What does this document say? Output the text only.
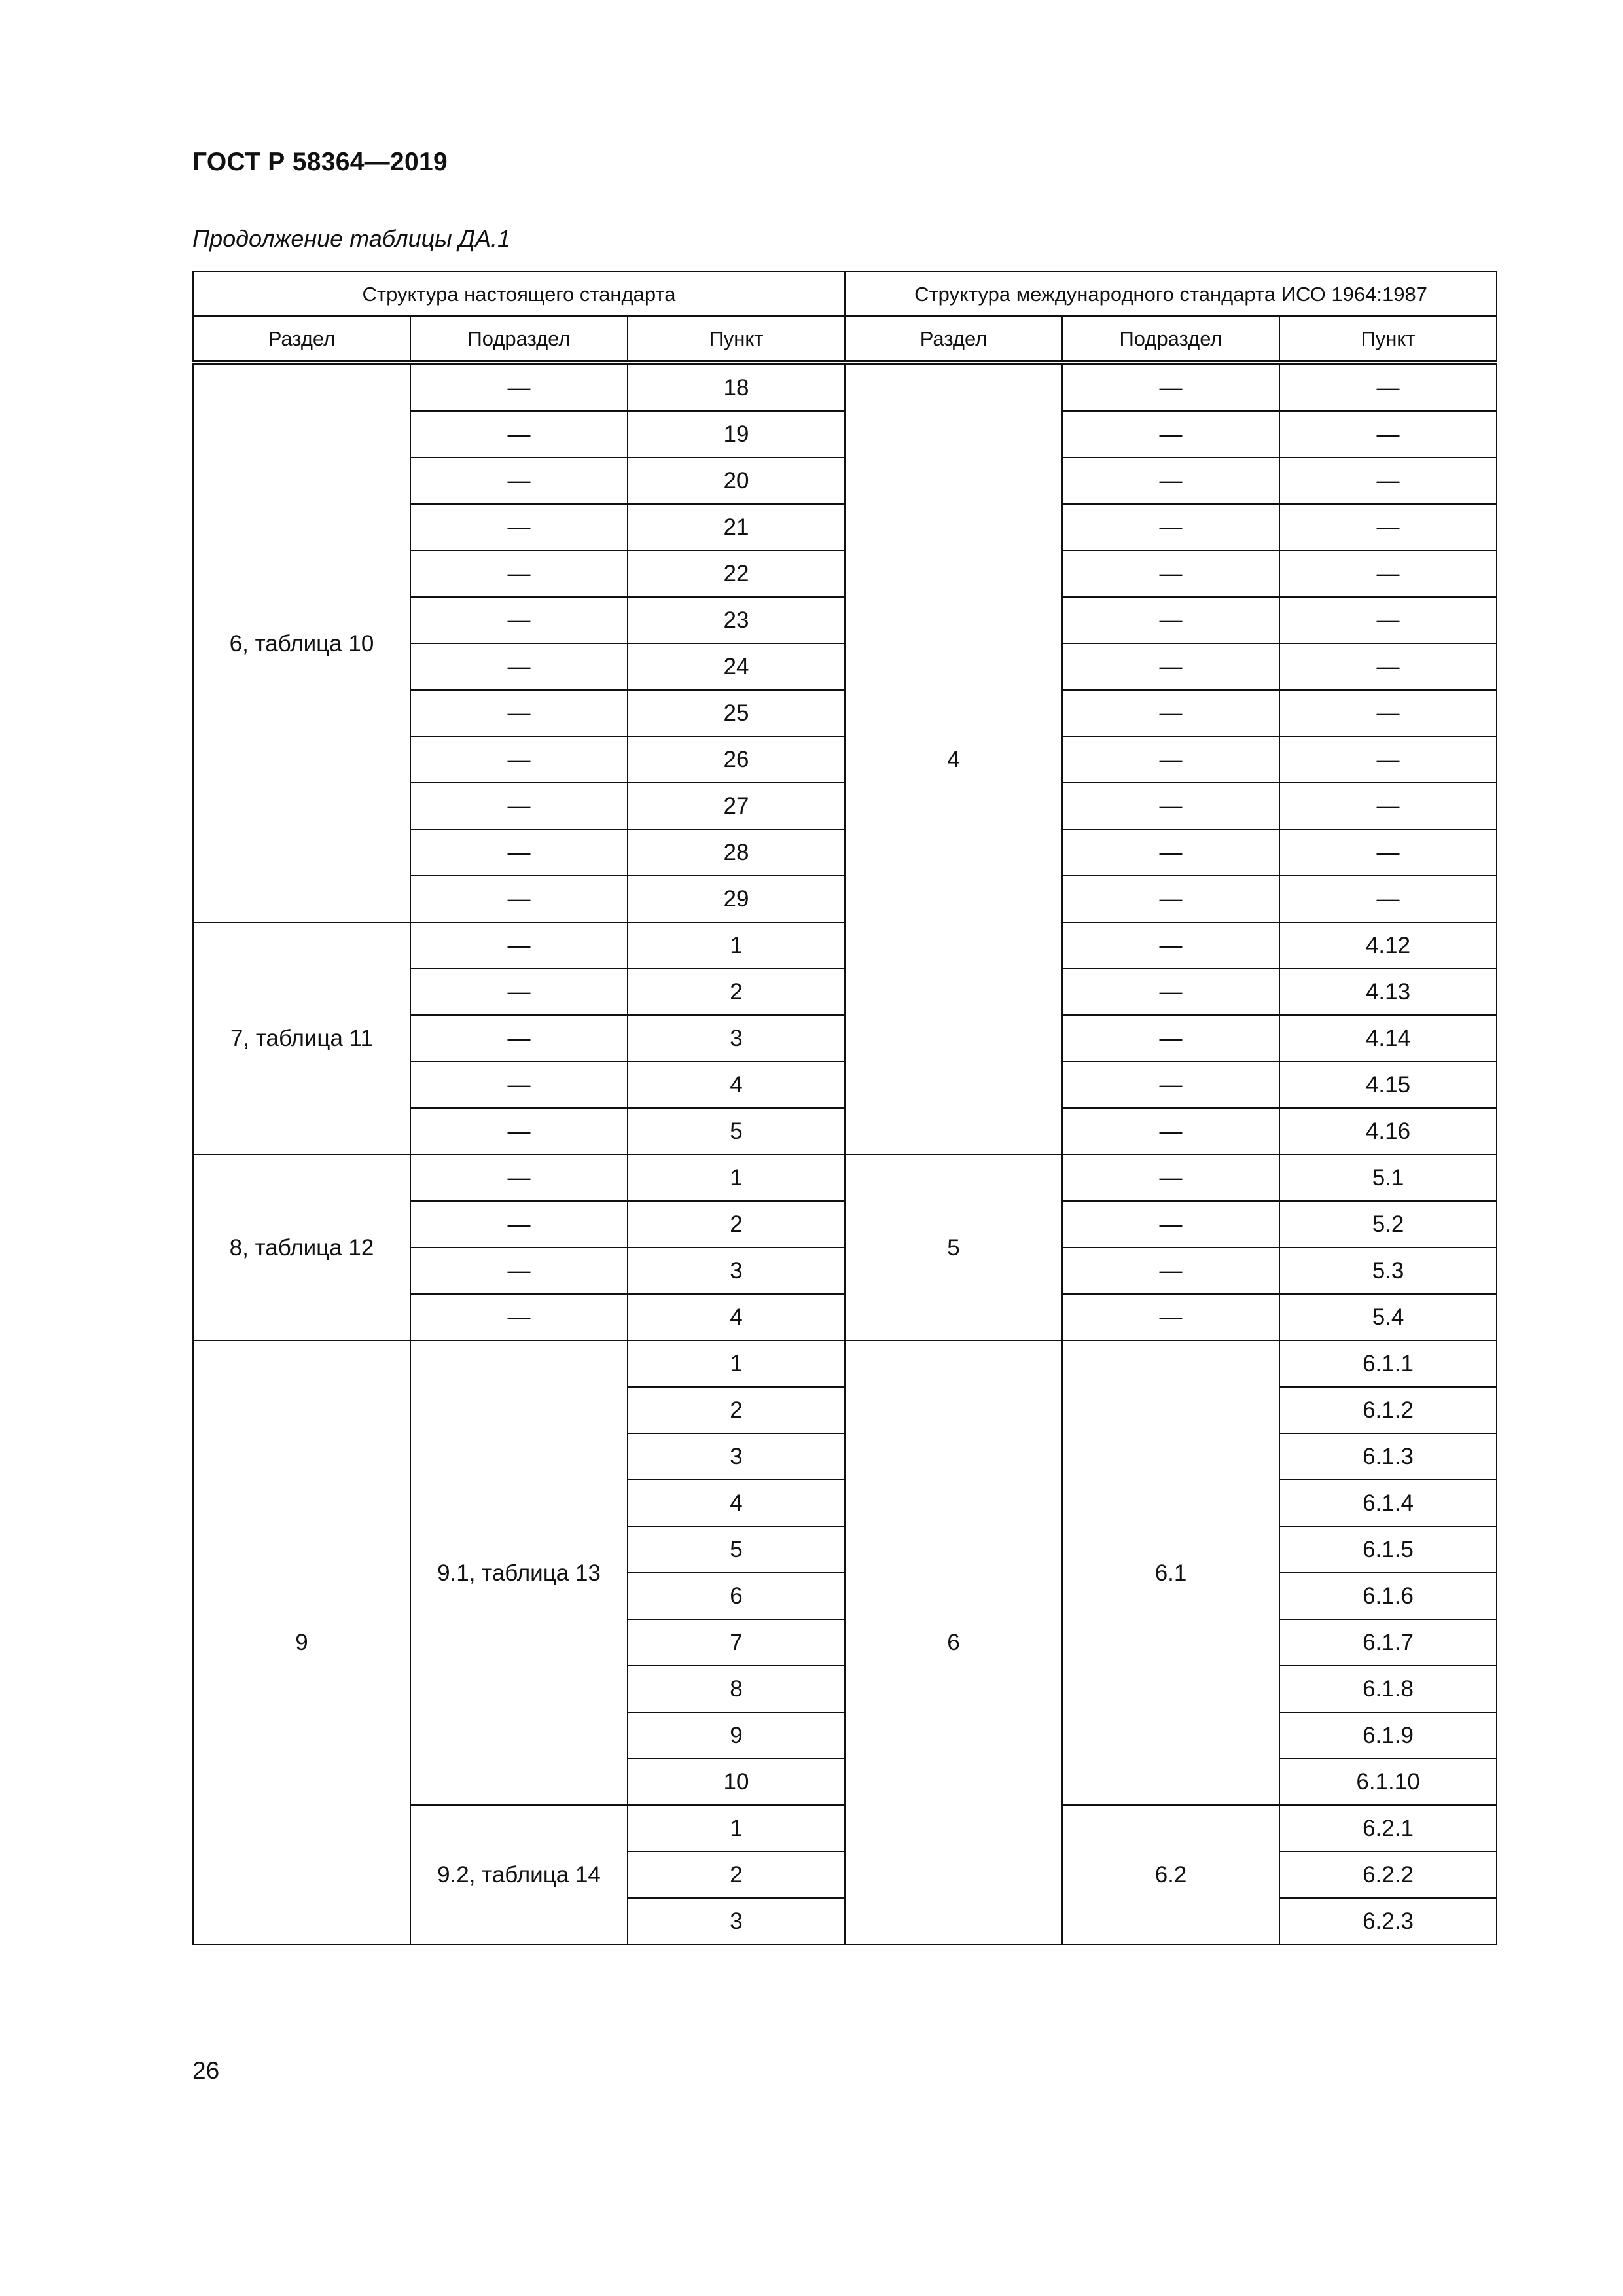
ГОСТ Р 58364—2019
Продолжение таблицы ДА.1
Структура настоящего стандарта			Структура международного стандарта ИСО 1964:1987		
Раздел	Подраздел	Пункт	Раздел	Подраздел	Пункт
6, таблица 10	—	18	4	—	—
	—	19		—	—
	—	20		—	—
	—	21		—	—
	—	22		—	—
	—	23		—	—
	—	24		—	—
	—	25		—	—
	—	26		—	—
	—	27		—	—
	—	28		—	—
	—	29		—	—
7, таблица 11	—	1		—	4.12
	—	2		—	4.13
	—	3		—	4.14
	—	4		—	4.15
	—	5		—	4.16
8, таблица 12	—	1	5	—	5.1
	—	2		—	5.2
	—	3		—	5.3
	—	4		—	5.4
9	9.1, таблица 13	1	6	6.1	6.1.1
		2			6.1.2
		3			6.1.3
		4			6.1.4
		5			6.1.5
		6			6.1.6
		7			6.1.7
		8			6.1.8
		9			6.1.9
		10			6.1.10
	9.2, таблица 14	1		6.2	6.2.1
		2			6.2.2
		3			6.2.3
26
